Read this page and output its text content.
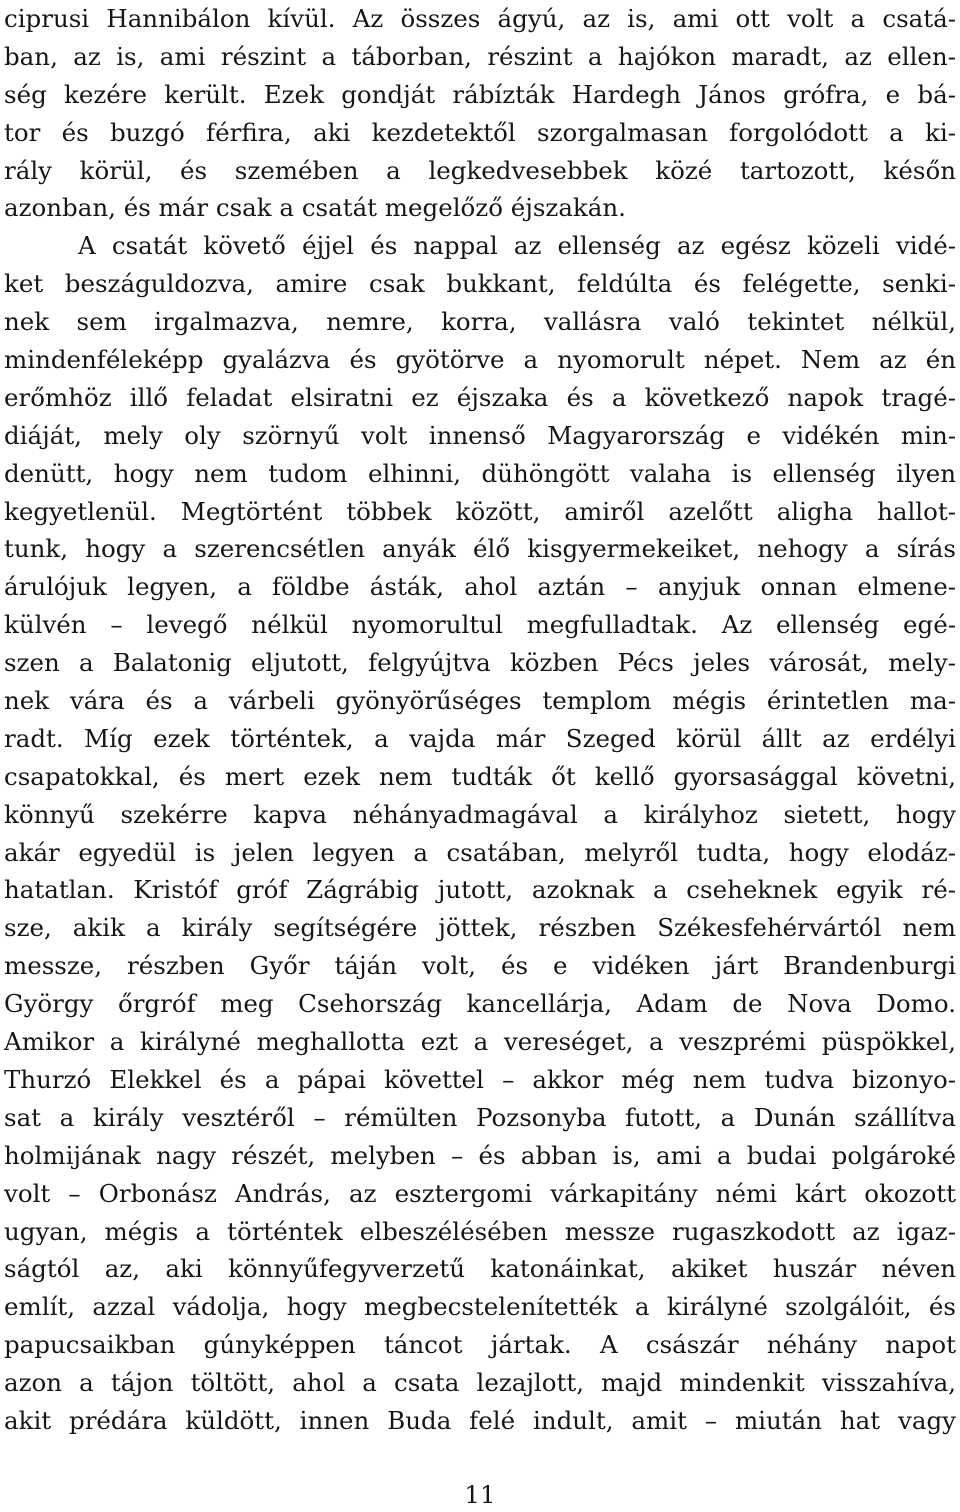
ciprusi Hannibálon kívül. Az összes ágyú, az is, ami ott volt a csatá-
ban, az is, ami részint a táborban, részint a hajókon maradt, az ellen-
ség kezére került. Ezek gondját rábízták Hardegh János grófra, e bá-
tor és buzgó férfira, aki kezdetektől szorgalmasan forgolódott a ki-
rály körül, és szemében a legkedvesebbek közé tartozott, későn
azonban, és már csak a csatát megelőző éjszakán.
A csatát követő éjjel és nappal az ellenség az egész közeli vidé-
ket beszáguldozva, amire csak bukkant, feldúlta és felégette, senki-
nek sem irgalmazva, nemre, korra, vallásra való tekintet nélkül,
mindenféleképp gyalázva és gyötörve a nyomorult népet. Nem az én
erőmhöz illő feladat elsiratni ez éjszaka és a következő napok tragé-
diáját, mely oly szörnyű volt innenső Magyarország e vidékén min-
denütt, hogy nem tudom elhinni, dühöngött valaha is ellenség ilyen
kegyetlenül. Megtörtént többek között, amiről azelőtt aligha hallot-
tunk, hogy a szerencsétlen anyák élő kisgyermekeiket, nehogy a sírás
árulójuk legyen, a földbe ásták, ahol aztán – anyjuk onnan elmene-
külvén – levegő nélkül nyomorultul megfulladtak. Az ellenség egé-
szen a Balatonig eljutott, felgyújtva közben Pécs jeles városát, mely-
nek vára és a várbeli gyönyörűséges templom mégis érintetlen ma-
radt. Míg ezek történtek, a vajda már Szeged körül állt az erdélyi
csapatokkal, és mert ezek nem tudták őt kellő gyorsasággal követni,
könnyű szekérre kapva néhányadmagával a királyhoz sietett, hogy
akár egyedül is jelen legyen a csatában, melyről tudta, hogy elodáz-
hatatlan. Kristóf gróf Zágrábig jutott, azoknak a cseheknek egyik ré-
sze, akik a király segítségére jöttek, részben Székesfehérvártól nem
messze, részben Győr táján volt, és e vidéken járt Brandenburgi
György őrgróf meg Csehország kancellárja, Adam de Nova Domo.
Amikor a királyné meghallotta ezt a vereséget, a veszprémi püspökkel,
Thurzó Elekkel és a pápai követtel – akkor még nem tudva bizonyo-
sat a király vesztéről – rémülten Pozsonyba futott, a Dunán szállítva
holmijának nagy részét, melyben – és abban is, ami a budai polgároké
volt – Orbonász András, az esztergomi várkapitány némi kárt okozott
ugyan, mégis a történtek elbeszélésében messze rugaszkodott az igaz-
ságtól az, aki könnyűfegyverzetű katonáinkat, akiket huszár néven
említ, azzal vádolja, hogy megbecstelenítették a királyné szolgálóit, és
papucsaikban gúnyképpen táncot jártak. A császár néhány napot
azon a tájon töltött, ahol a csata lezajlott, majd mindenkit visszahíva,
akit prédára küldött, innen Buda felé indult, amit – miután hat vagy
11
